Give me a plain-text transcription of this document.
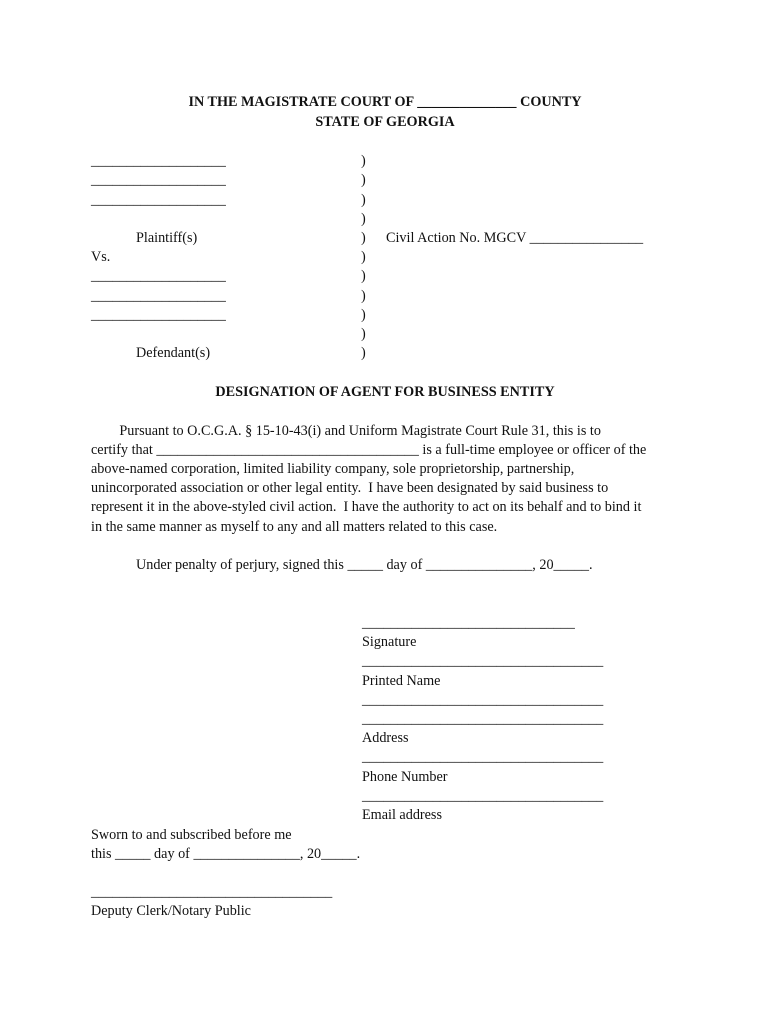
IN THE MAGISTRATE COURT OF ______________ COUNTY
STATE OF GEORGIA
___________________
___________________
___________________
Plaintiff(s)
Vs.
___________________
___________________
___________________
Defendant(s)
)
)
)
)
)
)
)
)
)
)
)
Civil Action No. MGCV ________________
DESIGNATION OF AGENT FOR BUSINESS ENTITY
Pursuant to O.C.G.A. § 15-10-43(i) and Uniform Magistrate Court Rule 31, this is to
certify that _____________________________________ is a full-time employee or officer of the
above-named corporation, limited liability company, sole proprietorship, partnership,
unincorporated association or other legal entity.  I have been designated by said business to
represent it in the above-styled civil action.  I have the authority to act on its behalf and to bind it
in the same manner as myself to any and all matters related to this case.
Under penalty of perjury, signed this _____ day of _______________, 20_____.
______________________________
Signature
__________________________________
Printed Name
__________________________________
__________________________________
Address
__________________________________
Phone Number
__________________________________
Email address
Sworn to and subscribed before me
this _____ day of _______________, 20_____.
__________________________________
Deputy Clerk/Notary Public
